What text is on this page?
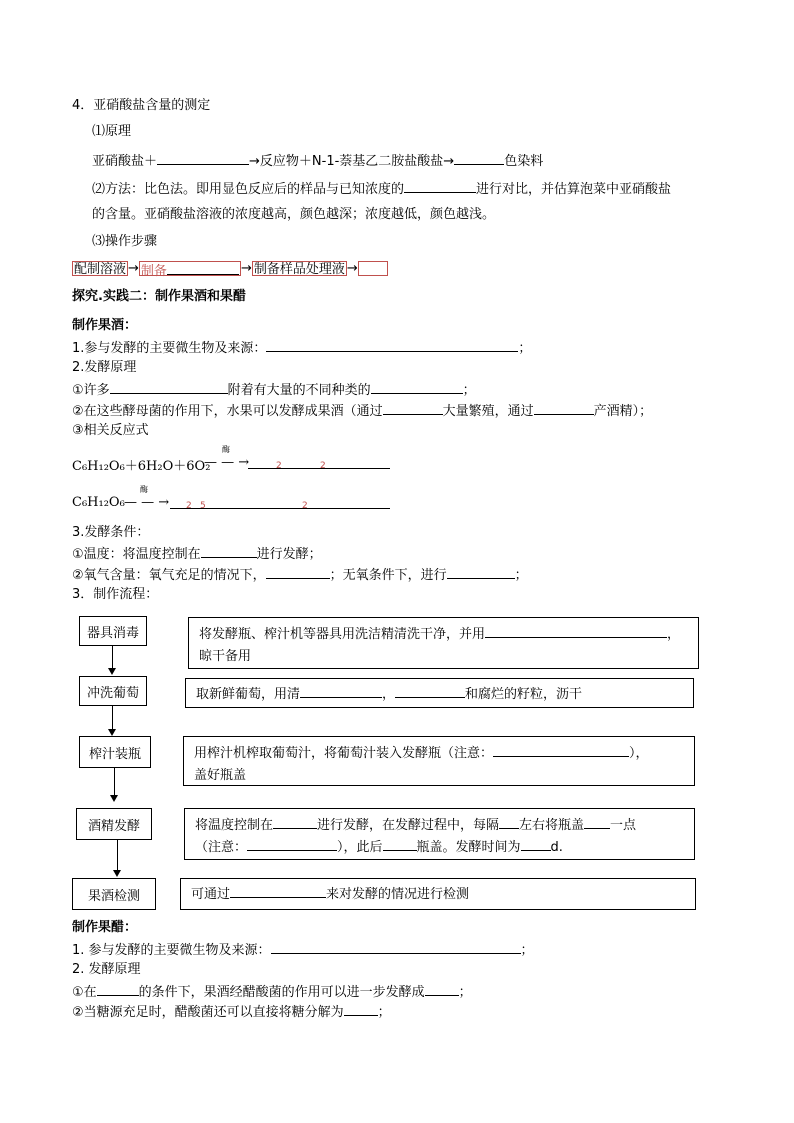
4．亚硝酸盐含量的测定
⑴原理
亚硝酸盐＋	→反应物＋N-1-萘基乙二胺盐酸盐→	色染料
⑵方法：比色法。即用显色反应后的样品与已知浓度的	进行对比，并估算泡菜中亚硝酸盐
的含量。亚硝酸盐溶液的浓度越高，颜色越深；浓度越低，颜色越浅。
⑶操作步骤
配制溶液 → 制备	→ 制备样品处理液 →
探究.实践二：制作果酒和果醋
制作果酒：
1.参与发酵的主要微生物及来源：	；
2.发酵原理
①许多	附着有大量的不同种类的	；
②在这些酵母菌的作用下，水果可以发酵成果酒（通过	大量繁殖，通过	产酒精）；
③相关反应式
C₆H₁₂O₆＋6H₂O＋6O₂
酶
— — →	2	2
C₆H₁₂O₆
酶
— — → 2 5	2
3.发酵条件：
①温度：将温度控制在	进行发酵；
②氧气含量：氧气充足的情况下，	；无氧条件下，进行	；
3．制作流程：
器具消毒	将发酵瓶、榨汁机等器具用洗洁精清洗干净，并用	，
晾干备用
冲洗葡萄	取新鲜葡萄，用清	，	和腐烂的籽粒，沥干
榨汁装瓶	用榨汁机榨取葡萄汁，将葡萄汁装入发酵瓶（注意：	），
盖好瓶盖
酒精发酵	将温度控制在	进行发酵，在发酵过程中，每隔 左右将瓶盖 一点
（注意：	），此后	瓶盖。发酵时间为 d.
果酒检测	可通过	来对发酵的情况进行检测
制作果醋：
1. 参与发酵的主要微生物及来源：	；
2. 发酵原理
①在	的条件下，果酒经醋酸菌的作用可以进一步发酵成	；
②当糖源充足时，醋酸菌还可以直接将糖分解为	；
